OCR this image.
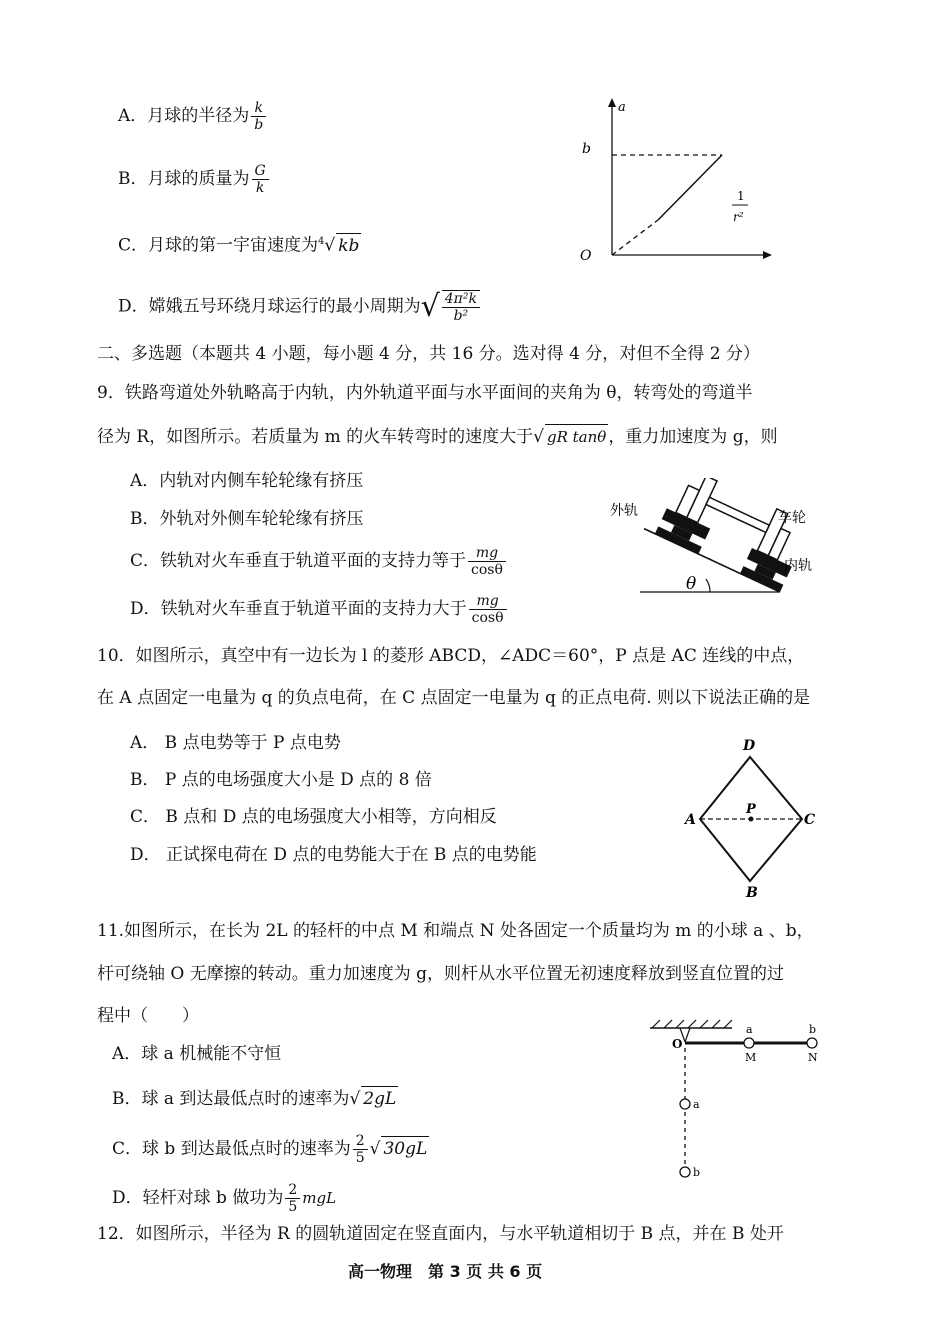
A．月球的半径为 $\frac{k}{b}$
B．月球的质量为 $\frac{G}{k}$
C．月球的第一宇宙速度为$^4$√ kb
D．嫦娥五号环绕月球运行的最小周期为√ $\frac{\text{4π²k}}{\text{b²}}$
a
b
O
1
r²
二、多选题（本题共 4 小题，每小题 4 分，共 16 分。选对得 4 分，对但不全得 2 分）
9．铁路弯道处外轨略高于内轨，内外轨道平面与水平面间的夹角为 θ，转弯处的弯道半
径为 R，如图所示。若质量为 m 的火车转弯时的速度大于√ gR tanθ ，重力加速度为 g，则
A．内轨对内侧车轮轮缘有挤压
B．外轨对外侧车轮轮缘有挤压
C．铁轨对火车垂直于轨道平面的支持力等于 $\frac{mg}{\cos\theta}$
D．铁轨对火车垂直于轨道平面的支持力大于 $\frac{mg}{\cos\theta}$
θ
外轨	车轮
内轨
10．如图所示，真空中有一边长为 l 的菱形 ABCD，∠ADC＝60°，P 点是 AC 连线的中点，
在 A 点固定一电量为 q 的负点电荷，在 C 点固定一电量为 q 的正点电荷. 则以下说法正确的是
A． B 点电势等于 P 点电势
B． P 点的电场强度大小是 D 点的 8 倍
C． B 点和 D 点的电场强度大小相等，方向相反
D． 正试探电荷在 D 点的电势能大于在 B 点的电势能
D
A	C
B
P
11.如图所示，在长为 2L 的轻杆的中点 M 和端点 N 处各固定一个质量均为 m 的小球 a 、b，
杆可绕轴 O 无摩擦的转动。重力加速度为 g，则杆从水平位置无初速度释放到竖直位置的过
程中（　　）
A．球 a 机械能不守恒
B．球 a 到达最低点时的速率为√ 2gL
C．球 b 到达最低点时的速率为 $\frac{2}{5}$ √ 30gL
D．轻杆对球 b 做功为 $\frac{2}{5}$ mgL
O
M	N
a	b
a
b
12．如图所示，半径为 R 的圆轨道固定在竖直面内，与水平轨道相切于 B 点，并在 B 处开
高一物理　第 3 页 共 6 页
